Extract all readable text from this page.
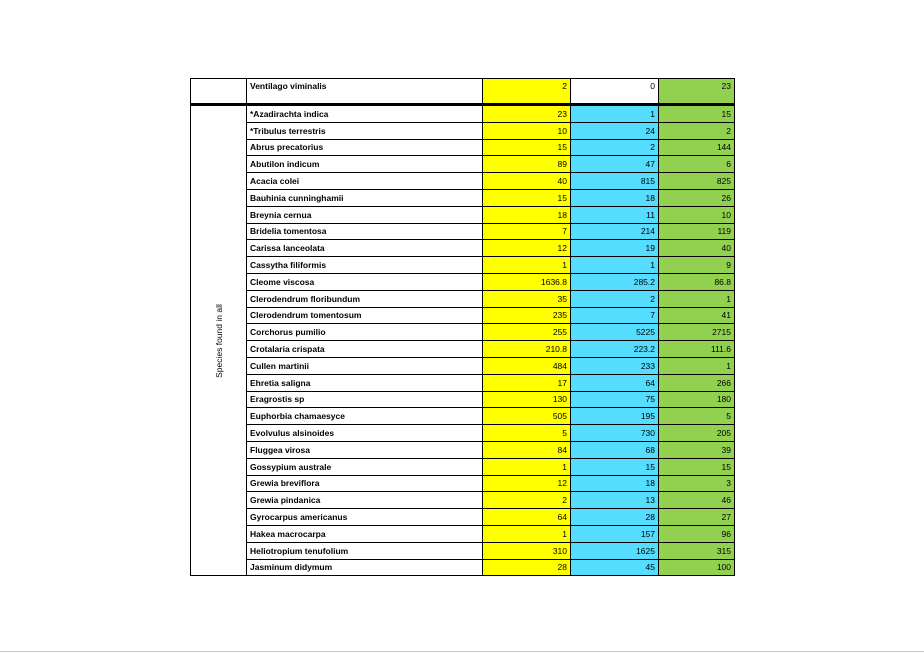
	Ventilago viminalis	2	0	23

Species found in all	*Azadirachta indica	23	1	15
	*Tribulus terrestris	10	24	2
	Abrus precatorius	15	2	144
	Abutilon indicum	89	47	6
	Acacia colei	40	815	825
	Bauhinia cunninghamii	15	18	26
	Breynia cernua	18	11	10
	Bridelia tomentosa	7	214	119
	Carissa lanceolata	12	19	40
	Cassytha filiformis	1	1	9
	Cleome viscosa	1636.8	285.2	86.8
	Clerodendrum floribundum	35	2	1
	Clerodendrum tomentosum	235	7	41
	Corchorus pumilio	255	5225	2715
	Crotalaria crispata	210.8	223.2	111.6
	Cullen martinii	484	233	1
	Ehretia saligna	17	64	266
	Eragrostis sp	130	75	180
	Euphorbia chamaesyce	505	195	5
	Evolvulus alsinoides	5	730	205
	Fluggea virosa	84	68	39
	Gossypium australe	1	15	15
	Grewia breviflora	12	18	3
	Grewia pindanica	2	13	46
	Gyrocarpus americanus	64	28	27
	Hakea macrocarpa	1	157	96
	Heliotropium tenufolium	310	1625	315
	Jasminum didymum	28	45	100
